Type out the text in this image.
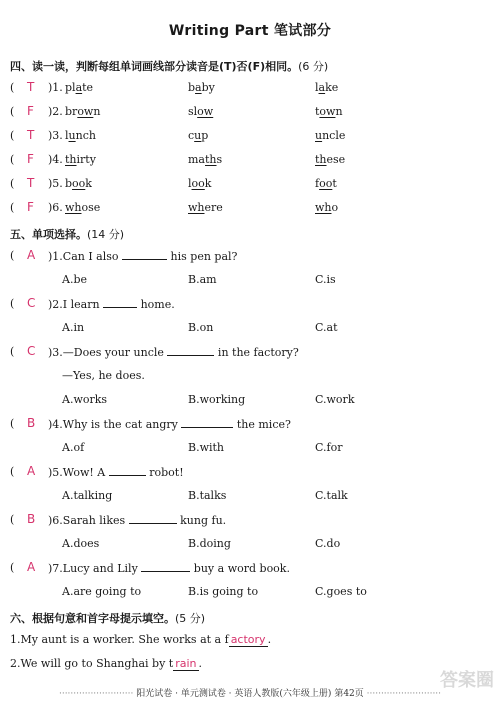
Writing Part 笔试部分
四、读一读，判断每组单词画线部分读音是(T)否(F)相同。(6 分)
( T )1. plate	baby	lake
( F )2. brown	slow	town
( T )3. lunch	cup	uncle
( F )4. thirty	maths	these
( T )5. book	look	foot
( F )6. whose	where	who
五、单项选择。(14 分)
( A )1.Can I also	his pen pal?
A.be	B.am	C.is
( C )2.I learn	home.
A.in	B.on	C.at
( C )3.—Does your uncle	in the factory?
—Yes, he does.
A.works	B.working	C.work
( B )4.Why is the cat angry	the mice?
A.of	B.with	C.for
( A )5.Wow! A	robot!
A.talking	B.talks	C.talk
( B )6.Sarah likes	kung fu.
A.does	B.doing	C.do
( A )7.Lucy and Lily	buy a word book.
A.are going to	B.is going to	C.goes to
六、根据句意和首字母提示填空。(5 分)
1.My aunt is a worker. She works at a f actory .
2.We will go to Shanghai by t rain .
答案圈
·························· 阳光试卷 · 单元测试卷 · 英语人教版(六年级上册) 第42页 ··························
